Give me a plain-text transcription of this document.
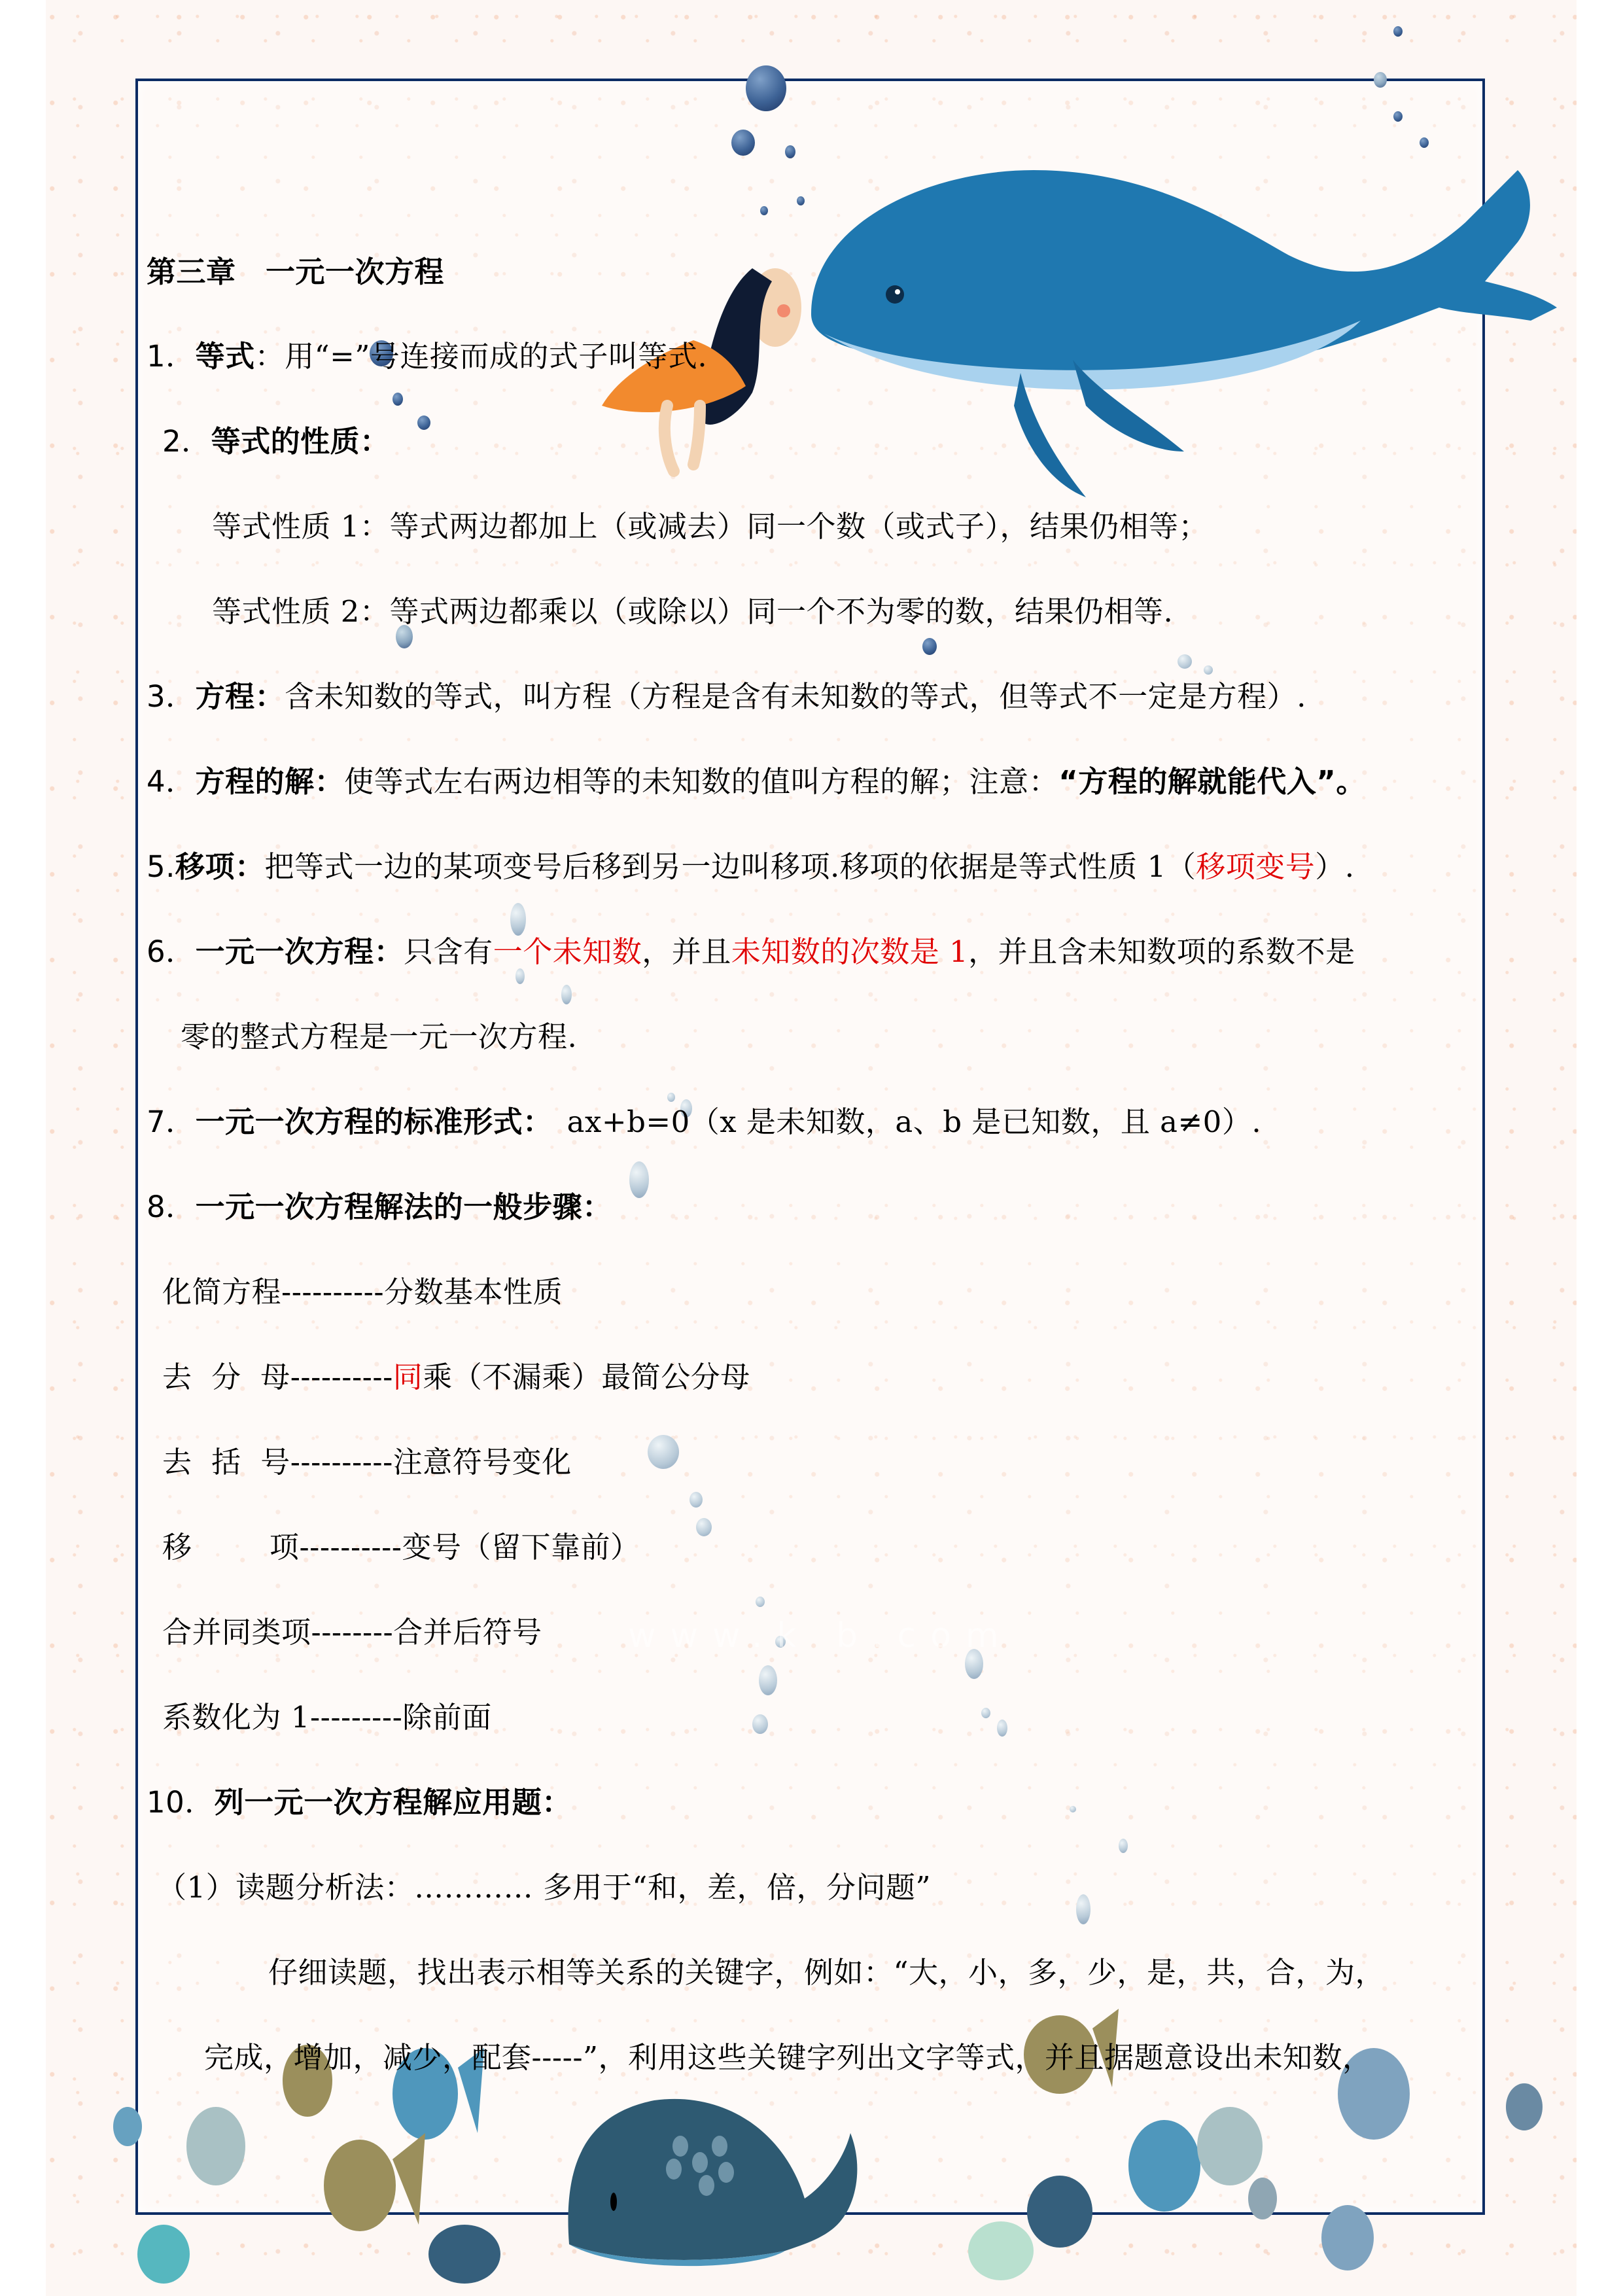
www.k b.com
第三章　一元一次方程
1．等式：用“=”号连接而成的式子叫等式.
2．等式的性质：
等式性质 1：等式两边都加上（或减去）同一个数（或式子），结果仍相等；
等式性质 2：等式两边都乘以（或除以）同一个不为零的数，结果仍相等.
3．方程：含未知数的等式，叫方程（方程是含有未知数的等式，但等式不一定是方程）.
4．方程的解：使等式左右两边相等的未知数的值叫方程的解；注意：“方程的解就能代入”。
5.移项：把等式一边的某项变号后移到另一边叫移项.移项的依据是等式性质 1（移项变号）.
6．一元一次方程：只含有一个未知数，并且未知数的次数是 1，并且含未知数项的系数不是
零的整式方程是一元一次方程.
7．一元一次方程的标准形式： ax+b=0（x 是未知数，a、b 是已知数，且 a≠0）.
8．一元一次方程解法的一般步骤：
化简方程----------分数基本性质
去  分  母----------同乘（不漏乘）最简公分母
去  括  号----------注意符号变化
移        项----------变号（留下靠前）
合并同类项--------合并后符号
系数化为 1---------除前面
10．列一元一次方程解应用题：
（1）读题分析法：………… 多用于“和，差，倍，分问题”
仔细读题，找出表示相等关系的关键字，例如：“大，小，多，少，是，共，合，为，
完成，增加，减少，配套-----”，利用这些关键字列出文字等式，并且据题意设出未知数，
